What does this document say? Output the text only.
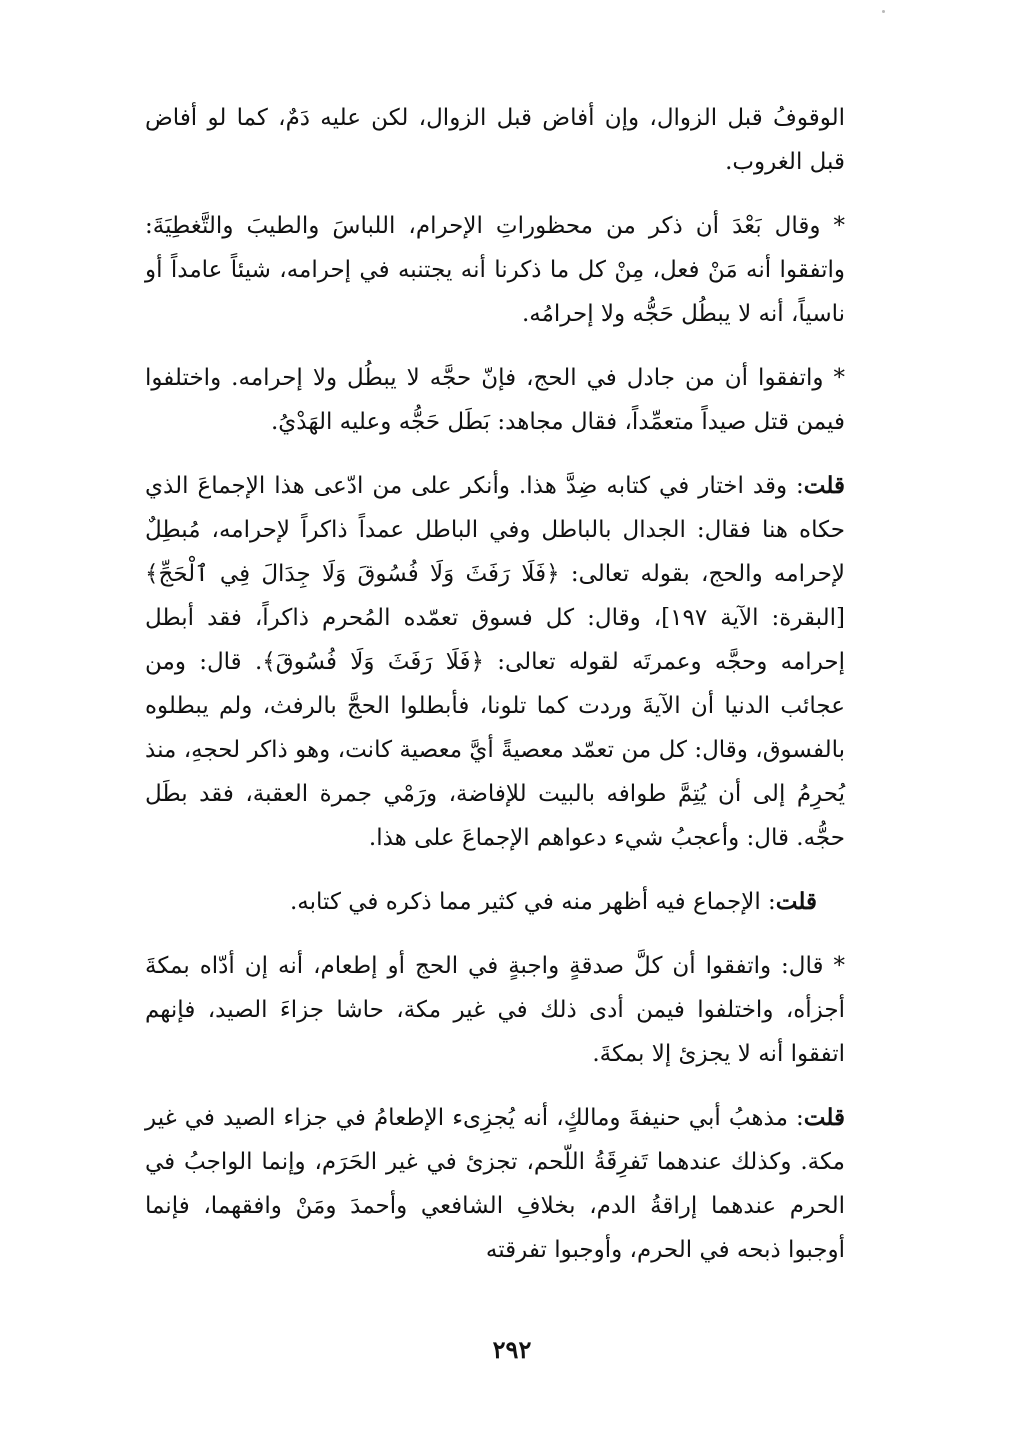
الوقوفُ قبل الزوال، وإن أفاض قبل الزوال، لكن عليه دَمٌ، كما لو أفاض قبل الغروب.

* وقال بَعْدَ أن ذكر من محظوراتِ الإحرام، اللباسَ والطيبَ والتَّغطِيَةَ: واتفقوا أنه مَنْ فعل، مِنْ كل ما ذكرنا أنه يجتنبه في إحرامه، شيئاً عامداً أو ناسياً، أنه لا يبطُل حَجُّه ولا إحرامُه.

* واتفقوا أن من جادل في الحج، فإنّ حجَّه لا يبطُل ولا إحرامه. واختلفوا فيمن قتل صيداً متعمِّداً، فقال مجاهد: بَطَل حَجُّه وعليه الهَدْيُ.

قلت: وقد اختار في كتابه ضِدَّ هذا. وأنكر على من ادّعى هذا الإجماعَ الذي حكاه هنا فقال: الجدال بالباطل وفي الباطل عمداً ذاكراً لإحرامه، مُبطِلٌ لإحرامه والحج، بقوله تعالى: ﴿فَلَا رَفَثَ وَلَا فُسُوقَ وَلَا جِدَالَ فِي ٱلْحَجِّ﴾ [البقرة: الآية ١٩٧]، وقال: كل فسوق تعمّده المُحرم ذاكراً، فقد أبطل إحرامه وحجَّه وعمرتَه لقوله تعالى: ﴿فَلَا رَفَثَ وَلَا فُسُوقَ﴾. قال: ومن عجائب الدنيا أن الآيةَ وردت كما تلونا، فأبطلوا الحجَّ بالرفث، ولم يبطلوه بالفسوق، وقال: كل من تعمّد معصيةً أيَّ معصية كانت، وهو ذاكر لحجهِ، منذ يُحرِمُ إلى أن يُتِمَّ طوافه بالبيت للإفاضة، ورَمْي جمرة العقبة، فقد بطَل حجُّه. قال: وأعجبُ شيء دعواهم الإجماعَ على هذا.

قلت: الإجماع فيه أظهر منه في كثير مما ذكره في كتابه.

* قال: واتفقوا أن كلَّ صدقةٍ واجبةٍ في الحج أو إطعام، أنه إن أدّاه بمكةَ أجزأه، واختلفوا فيمن أدى ذلك في غير مكة، حاشا جزاءَ الصيد، فإنهم اتفقوا أنه لا يجزئ إلا بمكةَ.

قلت: مذهبُ أبي حنيفةَ ومالكٍ، أنه يُجزِىء الإطعامُ في جزاء الصيد في غير مكة. وكذلك عندهما تَفرِقَةُ اللّحم، تجزئ في غير الحَرَم، وإنما الواجبُ في الحرم عندهما إراقةُ الدم، بخلافِ الشافعي وأحمدَ ومَنْ وافقهما، فإنما أوجبوا ذبحه في الحرم، وأوجبوا تفرقته

٢٩٢
